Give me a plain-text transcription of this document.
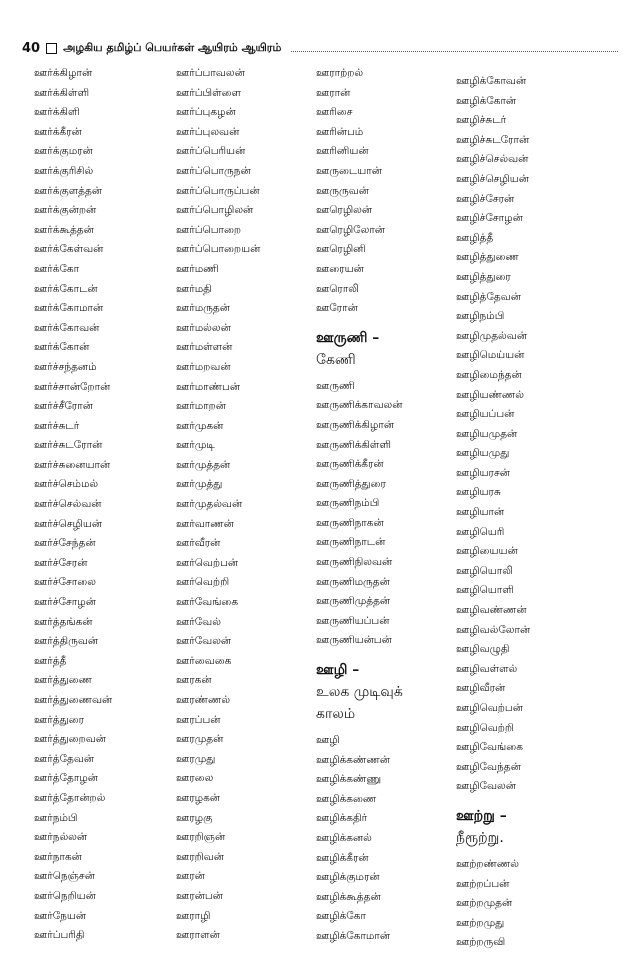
40 அழகிய தமிழ்ப் பெயர்கள் ஆயிரம் ஆயிரம்
ஊர்க்கிழான்
ஊர்க்கிள்ளி
ஊர்க்கிளி
ஊர்க்கீரன்
ஊர்க்குமரன்
ஊர்க்குரிசில்
ஊர்க்குளத்தன்
ஊர்க்குன்றன்
ஊர்க்கூத்தன்
ஊர்க்கேள்வன்
ஊர்க்கோ
ஊர்க்கோடன்
ஊர்க்கோமான்
ஊர்க்கோவன்
ஊர்க்கோன்
ஊர்ச்சந்தனம்
ஊர்ச்சான்றோன்
ஊர்ச்சீரோன்
ஊர்ச்சுடர்
ஊர்ச்சுடரோன்
ஊர்ச்சுனையான்
ஊர்ச்செம்மல்
ஊர்ச்செல்வன்
ஊர்ச்செழியன்
ஊர்ச்சேந்தன்
ஊர்ச்சேரன்
ஊர்ச்சோலை
ஊர்ச்சோழன்
ஊர்த்தங்கன்
ஊர்த்திருவன்
ஊர்த்தீ
ஊர்த்துணை
ஊர்த்துணைவன்
ஊர்த்துரை
ஊர்த்துறைவன்
ஊர்த்தேவன்
ஊர்த்தோழன்
ஊர்த்தோன்றல்
ஊர்நம்பி
ஊர்நல்லன்
ஊர்நாகன்
ஊர்நெஞ்சன்
ஊர்நெறியன்
ஊர்நேயன்
ஊர்ப்பரிதி
ஊர்ப்பாவலன்
ஊர்ப்பிள்ளை
ஊர்ப்புகழன்
ஊர்ப்புலவன்
ஊர்ப்பெரியன்
ஊர்ப்பொருநன்
ஊர்ப்பொருப்பன்
ஊர்ப்பொழிலன்
ஊர்ப்பொறை
ஊர்ப்பொறையன்
ஊர்மணி
ஊர்மதி
ஊர்மருதன்
ஊர்மல்லன்
ஊர்மள்ளன்
ஊர்மறவன்
ஊர்மாண்பன்
ஊர்மாறன்
ஊர்முகன்
ஊர்முடி
ஊர்முத்தன்
ஊர்முத்து
ஊர்முதல்வன்
ஊர்வாணன்
ஊர்வீரன்
ஊர்வெற்பன்
ஊர்வெற்றி
ஊர்வேங்கை
ஊர்வேல்
ஊர்வேலன்
ஊர்வைகை
ஊரகன்
ஊரண்ணல்
ஊரப்பன்
ஊரமுதன்
ஊரமுது
ஊரலை
ஊரழகன்
ஊரழகு
ஊரறிஞன்
ஊரறிவன்
ஊரன்
ஊரன்பன்
ஊராழி
ஊராளன்
ஊராற்றல்
ஊரான்
ஊரிசை
ஊரின்பம்
ஊரினியன்
ஊருடையான்
ஊருருவன்
ஊரெழிலன்
ஊரெழிலோன்
ஊரெழினி
ஊரையன்
ஊரொலி
ஊரோன்
ஊருணி –
கேணி
ஊருணி
ஊருணிக்காவலன்
ஊருணிக்கிழான்
ஊருணிக்கிள்ளி
ஊருணிக்கீரன்
ஊருணித்துரை
ஊருணிநம்பி
ஊருணிநாகன்
ஊருணிநாடன்
ஊருணிநிலவன்
ஊருணிமருதன்
ஊருணிமுத்தன்
ஊருணியப்பன்
ஊருணியன்பன்
ஊழி –
உலக முடிவுக்
காலம்
ஊழி
ஊழிக்கண்ணன்
ஊழிக்கண்ணு
ஊழிக்கணை
ஊழிக்கதிர்
ஊழிக்கனல்
ஊழிக்கீரன்
ஊழிக்குமரன்
ஊழிக்கூத்தன்
ஊழிக்கோ
ஊழிக்கோமான்
ஊழிக்கோவன்
ஊழிக்கோன்
ஊழிச்சுடர்
ஊழிச்சுடரோன்
ஊழிச்செல்வன்
ஊழிச்செழியன்
ஊழிச்சேரன்
ஊழிச்சோழன்
ஊழித்தீ
ஊழித்துணை
ஊழித்துரை
ஊழித்தேவன்
ஊழிநம்பி
ஊழிமுதல்வன்
ஊழிமெய்யன்
ஊழிமைந்தன்
ஊழியண்ணல்
ஊழியப்பன்
ஊழியமுதன்
ஊழியமுது
ஊழியரசன்
ஊழியரசு
ஊழியான்
ஊழியெரி
ஊழியையன்
ஊழியொலி
ஊழியொளி
ஊழிவண்ணன்
ஊழிவல்லோன்
ஊழிவழுதி
ஊழிவள்ளல்
ஊழிவீரன்
ஊழிவெற்பன்
ஊழிவெற்றி
ஊழிவேங்கை
ஊழிவேந்தன்
ஊழிவேலன்
ஊற்று –
நீரூற்று.
ஊற்றண்ணல்
ஊற்றப்பன்
ஊற்றமுதன்
ஊற்றமுது
ஊற்றருவி
